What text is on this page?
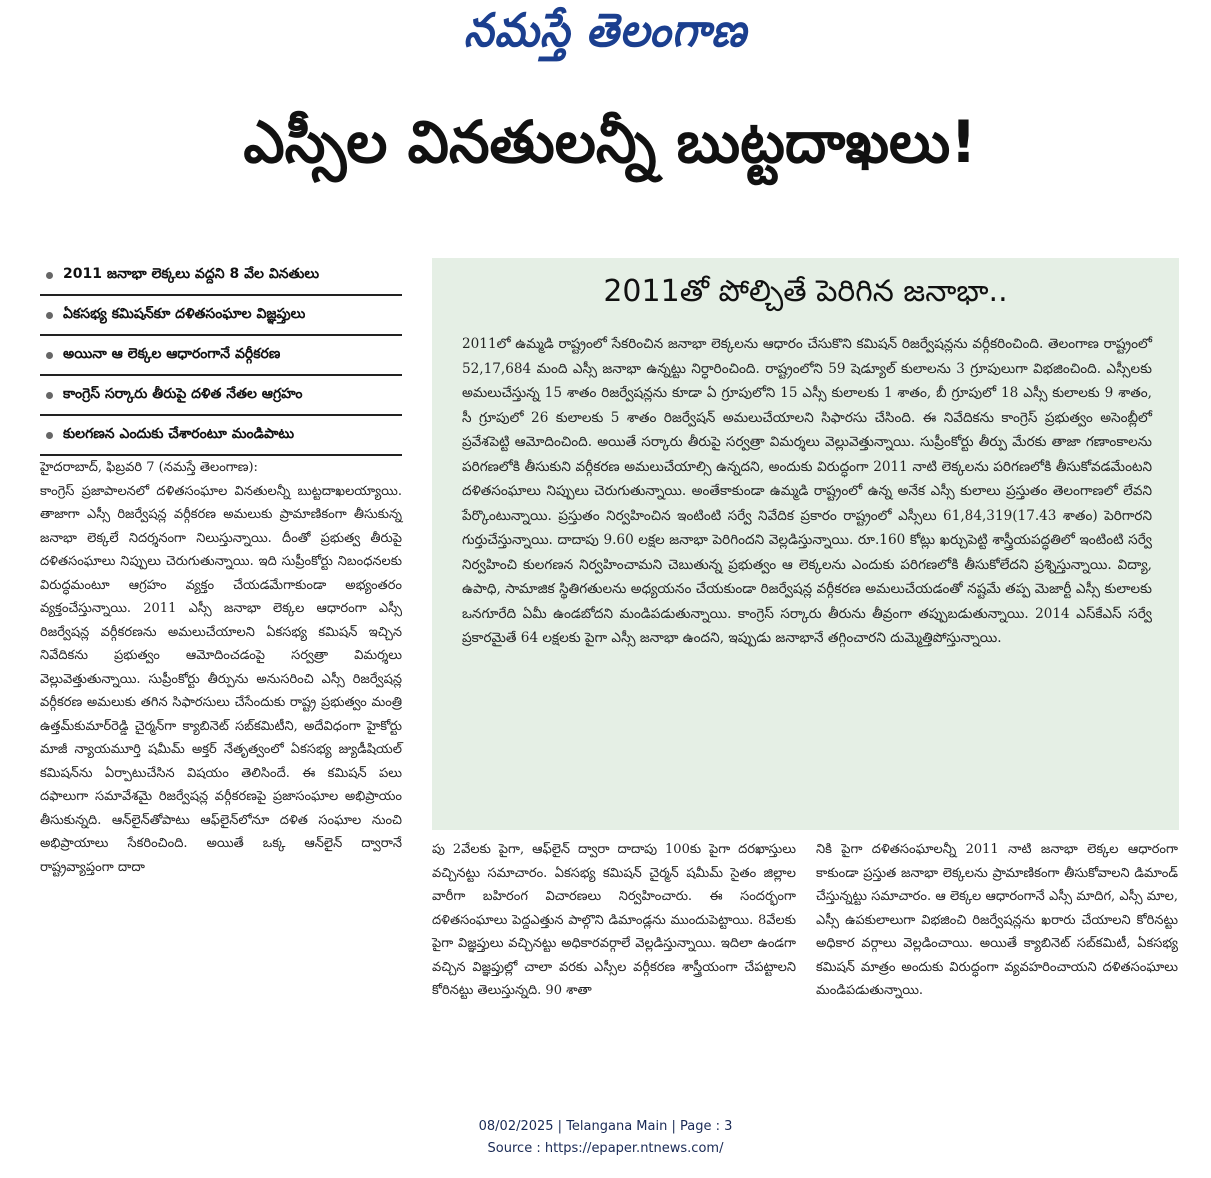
నమస్తే తెలంగాణ
ఎస్సీల వినతులన్నీ బుట్టదాఖలు!
2011 జనాభా లెక్కలు వద్దని 8 వేల వినతులు
ఏకసభ్య కమిషన్‌కూ దళితసంఘాల విజ్ఞప్తులు
అయినా ఆ లెక్కల ఆధారంగానే వర్గీకరణ
కాంగ్రెస్ సర్కారు తీరుపై దళిత నేతల ఆగ్రహం
కులగణన ఎందుకు చేశారంటూ మండిపాటు
హైదరాబాద్, ఫిబ్రవరి 7 (నమస్తే తెలంగాణ):
కాంగ్రెస్ ప్రజాపాలనలో దళితసంఘాల వినతులన్నీ బుట్టదాఖలయ్యాయి. తాజాగా ఎస్సీ రిజర్వేషన్ల వర్గీకరణ అమలుకు ప్రామాణికంగా తీసుకున్న జనాభా లెక్కలే నిదర్శనంగా నిలుస్తున్నాయి. దీంతో ప్రభుత్వ తీరుపై దళితసంఘాలు నిప్పులు చెరుగుతున్నాయి. ఇది సుప్రీంకోర్టు నిబంధనలకు విరుద్ధమంటూ ఆగ్రహం వ్యక్తం చేయడమేగాకుండా అభ్యంతరం వ్యక్తంచేస్తున్నాయి. 2011 ఎస్సీ జనాభా లెక్కల ఆధారంగా ఎస్సీ రిజర్వేషన్ల వర్గీకరణను అమలుచేయాలని ఏకసభ్య కమిషన్ ఇచ్చిన నివేదికను ప్రభుత్వం ఆమోదించడంపై సర్వత్రా విమర్శలు వెల్లువెత్తుతున్నాయి. సుప్రీంకోర్టు తీర్పును అనుసరించి ఎస్సీ రిజర్వేషన్ల వర్గీకరణ అమలుకు తగిన సిఫారసులు చేసేందుకు రాష్ట్ర ప్రభుత్వం మంత్రి ఉత్తమ్‌కుమార్‌రెడ్డి చైర్మన్‌గా క్యాబినెట్ సబ్‌కమిటీని, అదేవిధంగా హైకోర్టు మాజీ న్యాయమూర్తి షమీమ్ అక్తర్ నేతృత్వంలో ఏకసభ్య జ్యుడీషియల్ కమిషన్‌ను ఏర్పాటుచేసిన విషయం తెలిసిందే. ఈ కమిషన్ పలు దఫాలుగా సమావేశమై రిజర్వేషన్ల వర్గీకరణపై ప్రజాసంఘాల అభిప్రాయం తీసుకున్నది. ఆన్‌లైన్‌తోపాటు ఆఫ్‌లైన్‌లోనూ దళిత సంఘాల నుంచి అభిప్రాయాలు సేకరించింది. అయితే ఒక్క ఆన్‌లైన్ ద్వారానే రాష్ట్రవ్యాప్తంగా దాదా
2011తో పోల్చితే పెరిగిన జనాభా..
2011లో ఉమ్మడి రాష్ట్రంలో సేకరించిన జనాభా లెక్కలను ఆధారం చేసుకొని కమిషన్ రిజర్వేషన్లను వర్గీకరించింది. తెలంగాణ రాష్ట్రంలో 52,17,684 మంది ఎస్సీ జనాభా ఉన్నట్టు నిర్ధారించింది. రాష్ట్రంలోని 59 షెడ్యూల్ కులాలను 3 గ్రూపులుగా విభజించింది. ఎస్సీలకు అమలుచేస్తున్న 15 శాతం రిజర్వేషన్లను కూడా ఏ గ్రూపులోని 15 ఎస్సీ కులాలకు 1 శాతం, బీ గ్రూపులో 18 ఎస్సీ కులాలకు 9 శాతం, సీ గ్రూపులో 26 కులాలకు 5 శాతం రిజర్వేషన్ అమలుచేయాలని సిఫారసు చేసింది. ఈ నివేదికను కాంగ్రెస్ ప్రభుత్వం అసెంబ్లీలో ప్రవేశపెట్టి ఆమోదించింది. అయితే సర్కారు తీరుపై సర్వత్రా విమర్శలు వెల్లువెత్తున్నాయి. సుప్రీంకోర్టు తీర్పు మేరకు తాజా గణాంకాలను పరిగణలోకి తీసుకుని వర్గీకరణ అమలుచేయాల్సి ఉన్నదని, అందుకు విరుద్ధంగా 2011 నాటి లెక్కలను పరిగణలోకి తీసుకోవడమేంటని దళితసంఘాలు నిప్పులు చెరుగుతున్నాయి. అంతేకాకుండా ఉమ్మడి రాష్ట్రంలో ఉన్న అనేక ఎస్సీ కులాలు ప్రస్తుతం తెలంగాణలో లేవని పేర్కొంటున్నాయి. ప్రస్తుతం నిర్వహించిన ఇంటింటి సర్వే నివేదిక ప్రకారం రాష్ట్రంలో ఎస్సీలు 61,84,319(17.43 శాతం) పెరిగారని గుర్తుచేస్తున్నాయి. దాదాపు 9.60 లక్షల జనాభా పెరిగిందని వెల్లడిస్తున్నాయి. రూ.160 కోట్లు ఖర్చుపెట్టి శాస్త్రీయపద్ధతిలో ఇంటింటి సర్వే నిర్వహించి కులగణన నిర్వహించామని చెబుతున్న ప్రభుత్వం ఆ లెక్కలను ఎందుకు పరిగణలోకి తీసుకోలేదని ప్రశ్నిస్తున్నాయి. విద్యా, ఉపాధి, సామాజిక స్థితిగతులను అధ్యయనం చేయకుండా రిజర్వేషన్ల వర్గీకరణ అమలుచేయడంతో నష్టమే తప్ప మెజార్టీ ఎస్సీ కులాలకు ఒనగూరేది ఏమీ ఉండబోదని మండిపడుతున్నాయి. కాంగ్రెస్ సర్కారు తీరును తీవ్రంగా తప్పుబడుతున్నాయి. 2014 ఎస్‌కేఎస్ సర్వే ప్రకారమైతే 64 లక్షలకు పైగా ఎస్సీ జనాభా ఉందని, ఇప్పుడు జనాభానే తగ్గించారని దుమ్మెత్తిపోస్తున్నాయి.
పు 2వేలకు పైగా, ఆఫ్‌లైన్ ద్వారా దాదాపు 100కు పైగా దరఖాస్తులు వచ్చినట్టు సమాచారం. ఏకసభ్య కమిషన్ చైర్మన్ షమీమ్ సైతం జిల్లాల వారీగా బహిరంగ విచారణలు నిర్వహించారు. ఈ సందర్భంగా దళితసంఘాలు పెద్దఎత్తున పాల్గొని డిమాండ్లను ముందుపెట్టాయి. 8వేలకు పైగా విజ్ఞప్తులు వచ్చినట్టు అధికారవర్గాలే వెల్లడిస్తున్నాయి. ఇదిలా ఉండగా వచ్చిన విజ్ఞప్తుల్లో చాలా వరకు ఎస్సీల వర్గీకరణ శాస్త్రీయంగా చేపట్టాలని కోరినట్టు తెలుస్తున్నది. 90 శాతా
నికి పైగా దళితసంఘాలన్నీ 2011 నాటి జనాభా లెక్కల ఆధారంగా కాకుండా ప్రస్తుత జనాభా లెక్కలను ప్రామాణికంగా తీసుకోవాలని డిమాండ్ చేస్తున్నట్టు సమాచారం. ఆ లెక్కల ఆధారంగానే ఎస్సీ మాదిగ, ఎస్సీ మాల, ఎస్సీ ఉపకులాలుగా విభజించి రిజర్వేషన్లను ఖరారు చేయాలని కోరినట్టు అధికార వర్గాలు వెల్లడించాయి. అయితే క్యాబినెట్ సబ్‌కమిటీ, ఏకసభ్య కమిషన్ మాత్రం అందుకు విరుద్ధంగా వ్యవహరించాయని దళితసంఘాలు మండిపడుతున్నాయి.
08/02/2025 | Telangana Main | Page : 3
Source : https://epaper.ntnews.com/
